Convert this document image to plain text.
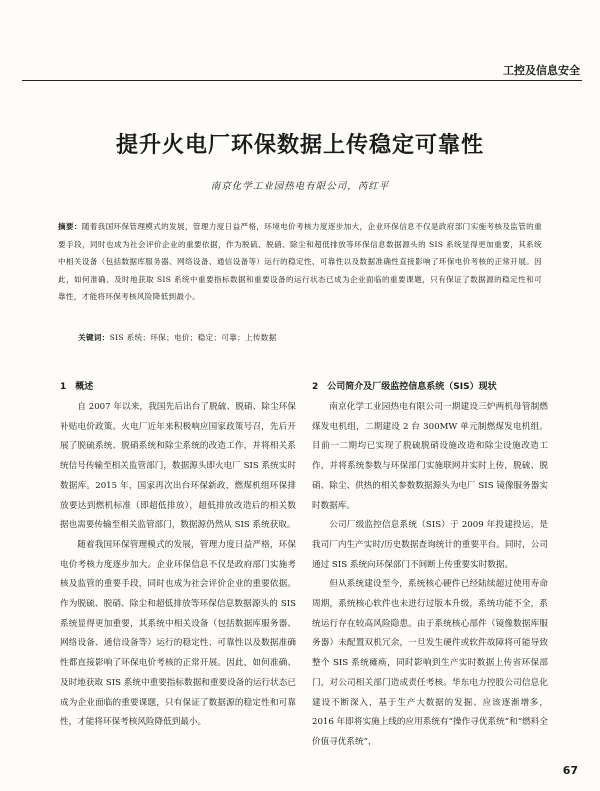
工控及信息安全
提升火电厂环保数据上传稳定可靠性
南京化学工业园热电有限公司，芮红平
摘要：随着我国环保管理模式的发展，管理力度日益严格，环境电价考核力度逐步加大，企业环保信息不仅是政府部门实施考核及监管的重要手段，同时也成为社会评价企业的重要依据，作为脱硫、脱硝、除尘和超低排放等环保信息数据源头的 SIS 系统显得更加重要，其系统中相关设备（包括数据库服务器、网络设备、通信设备等）运行的稳定性、可靠性以及数据准确性直接影响了环保电价考核的正常开展。因此，如何准确、及时地获取 SIS 系统中重要指标数据和重要设备的运行状态已成为企业面临的重要课题，只有保证了数据源的稳定性和可靠性，才能将环保考核风险降低到最小。
关键词：SIS 系统；环保；电价；稳定；可靠；上传数据
1　概述

自 2007 年以来，我国先后出台了脱硫、脱硝、除尘环保补贴电价政策。火电厂近年来积极响应国家政策号召，先后开展了脱硫系统、脱硝系统和除尘系统的改造工作，并将相关系统信号传输至相关监管部门，数据源头即火电厂 SIS 系统实时数据库。2015 年，国家再次出台环保新政，燃煤机组环保排放要达到燃机标准（即超低排放），超低排放改造后的相关数据也需要传输至相关监管部门，数据源仍然从 SIS 系统获取。

随着我国环保管理模式的发展，管理力度日益严格，环保电价考核力度逐步加大。企业环保信息不仅是政府部门实施考核及监管的重要手段，同时也成为社会评价企业的重要依据。作为脱硫、脱硝、除尘和超低排放等环保信息数据源头的 SIS 系统显得更加重要，其系统中相关设备（包括数据库服务器、网络设备、通信设备等）运行的稳定性、可靠性以及数据准确性都直接影响了环保电价考核的正常开展。因此，如何准确、及时地获取 SIS 系统中重要指标数据和重要设备的运行状态已成为企业面临的重要课题，只有保证了数据源的稳定性和可靠性，才能将环保考核风险降低到最小。

2　公司简介及厂级监控信息系统（SIS）现状

南京化学工业园热电有限公司一期建设三炉两机母管制燃煤发电机组，二期建设 2 台 300MW 单元制燃煤发电机组。目前一二期均已实现了脱硫脱硝设施改造和除尘设施改造工作，并将系统参数与环保部门实施联网并实时上传，脱硫、脱硝、除尘、供热的相关参数数据源头为电厂 SIS 镜像服务器实时数据库。

公司厂级监控信息系统（SIS）于 2009 年投建投运，是我司厂内生产实时/历史数据查询统计的重要平台。同时，公司通过 SIS 系统向环保部门不间断上传重要实时数据。

但从系统建设至今，系统核心硬件已经陆续超过使用寿命周期，系统核心软件也未进行过版本升级，系统功能不全，系统运行存在较高风险隐患。由于系统核心部件（镜像数据库服务器）未配置双机冗余，一旦发生硬件或软件故障将可能导致整个 SIS 系统瘫痪，同时影响到生产实时数据上传省环保部门，对公司相关部门造成责任考核。华东电力控股公司信息化建设不断深入，基于生产大数据的发掘、应该逐渐增多，2016 年即将实施上线的应用系统有“操作寻优系统”和“燃料全价值寻优系统”，

67
